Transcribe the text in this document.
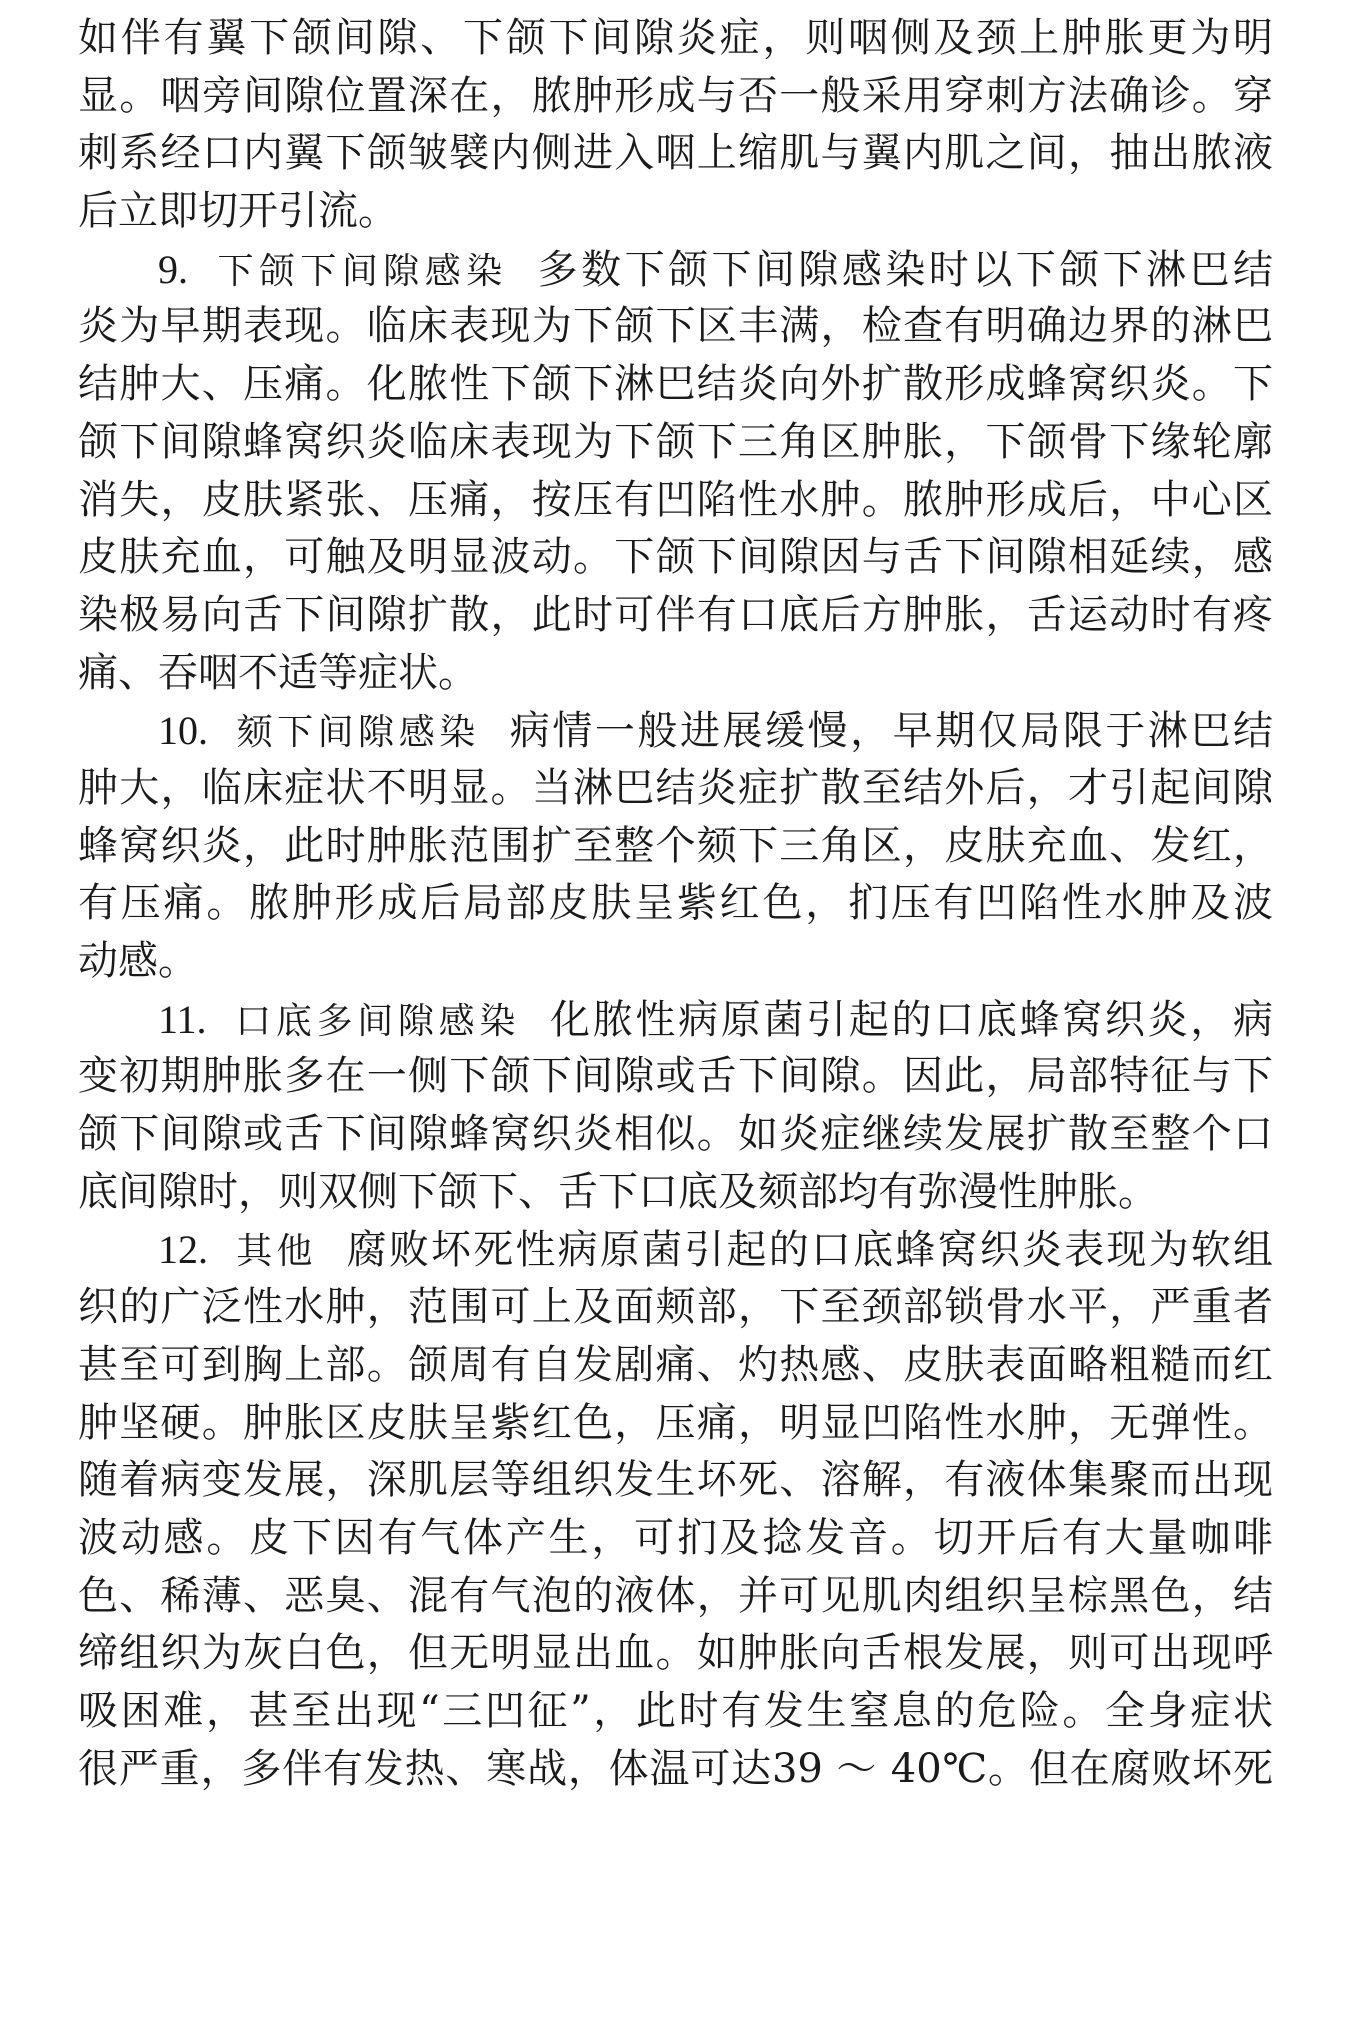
如伴有翼下颌间隙、下颌下间隙炎症，则咽侧及颈上肿胀更为明
显。咽旁间隙位置深在，脓肿形成与否一般采用穿刺方法确诊。穿
刺系经口内翼下颌皱襞内侧进入咽上缩肌与翼内肌之间，抽出脓液
后立即切开引流。
9. 下颌下间隙感染 多数下颌下间隙感染时以下颌下淋巴结
炎为早期表现。临床表现为下颌下区丰满，检查有明确边界的淋巴
结肿大、压痛。化脓性下颌下淋巴结炎向外扩散形成蜂窝织炎。下
颌下间隙蜂窝织炎临床表现为下颌下三角区肿胀，下颌骨下缘轮廓
消失，皮肤紧张、压痛，按压有凹陷性水肿。脓肿形成后，中心区
皮肤充血，可触及明显波动。下颌下间隙因与舌下间隙相延续，感
染极易向舌下间隙扩散，此时可伴有口底后方肿胀，舌运动时有疼
痛、吞咽不适等症状。
10. 颏下间隙感染 病情一般进展缓慢，早期仅局限于淋巴结
肿大，临床症状不明显。当淋巴结炎症扩散至结外后，才引起间隙
蜂窝织炎，此时肿胀范围扩至整个颏下三角区，皮肤充血、发红，
有压痛。脓肿形成后局部皮肤呈紫红色，扪压有凹陷性水肿及波
动感。
11. 口底多间隙感染 化脓性病原菌引起的口底蜂窝织炎，病
变初期肿胀多在一侧下颌下间隙或舌下间隙。因此，局部特征与下
颌下间隙或舌下间隙蜂窝织炎相似。如炎症继续发展扩散至整个口
底间隙时，则双侧下颌下、舌下口底及颏部均有弥漫性肿胀。
12. 其他 腐败坏死性病原菌引起的口底蜂窝织炎表现为软组
织的广泛性水肿，范围可上及面颊部，下至颈部锁骨水平，严重者
甚至可到胸上部。颌周有自发剧痛、灼热感、皮肤表面略粗糙而红
肿坚硬。肿胀区皮肤呈紫红色，压痛，明显凹陷性水肿，无弹性。
随着病变发展，深肌层等组织发生坏死、溶解，有液体集聚而出现
波动感。皮下因有气体产生，可扪及捻发音。切开后有大量咖啡
色、稀薄、恶臭、混有气泡的液体，并可见肌肉组织呈棕黑色，结
缔组织为灰白色，但无明显出血。如肿胀向舌根发展，则可出现呼
吸困难，甚至出现“三凹征”，此时有发生窒息的危险。全身症状
很严重，多伴有发热、寒战，体温可达39 ～ 40℃。但在腐败坏死
